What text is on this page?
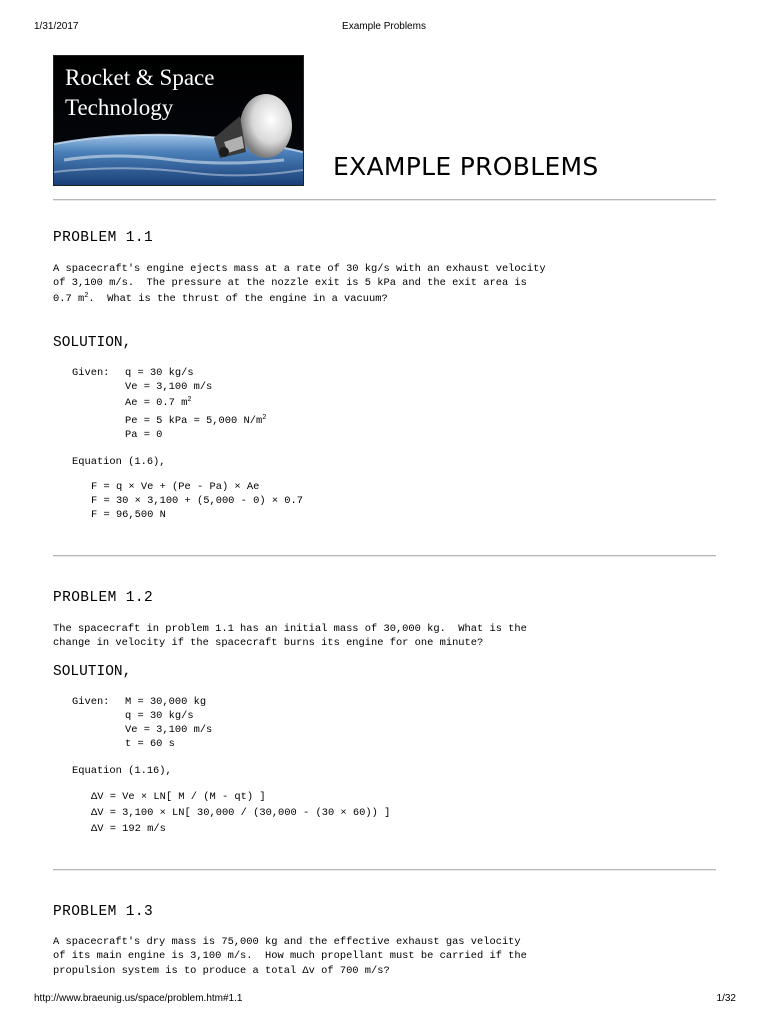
1/31/2017	Example Problems
Rocket & Space
Technology
EXAMPLE PROBLEMS
PROBLEM 1.1
A spacecraft's engine ejects mass at a rate of 30 kg/s with an exhaust velocity
of 3,100 m/s.  The pressure at the nozzle exit is 5 kPa and the exit area is
0.7 $m^2$.  What is the thrust of the engine in a vacuum?
SOLUTION,
Given: q = 30 kg/s
Ve = 3,100 m/s
Ae = 0.7 $m^2$
Pe = 5 kPa = 5,000 $N/m^2$
Pa = 0
Equation (1.6),
F = q × Ve + (Pe - Pa) × Ae
F = 30 × 3,100 + (5,000 - 0) × 0.7
F = 96,500 N
PROBLEM 1.2
The spacecraft in problem 1.1 has an initial mass of 30,000 kg.  What is the
change in velocity if the spacecraft burns its engine for one minute?
SOLUTION,
Given: M = 30,000 kg
q = 30 kg/s
Ve = 3,100 m/s
t = 60 s
Equation (1.16),
ΔV = Ve × LN[ M / (M - qt) ]
ΔV = 3,100 × LN[ 30,000 / (30,000 - (30 × 60)) ]
ΔV = 192 m/s
PROBLEM 1.3
A spacecraft's dry mass is 75,000 kg and the effective exhaust gas velocity
of its main engine is 3,100 m/s.  How much propellant must be carried if the
propulsion system is to produce a total Δv of 700 m/s?
http://www.braeunig.us/space/problem.htm#1.1	1/32
